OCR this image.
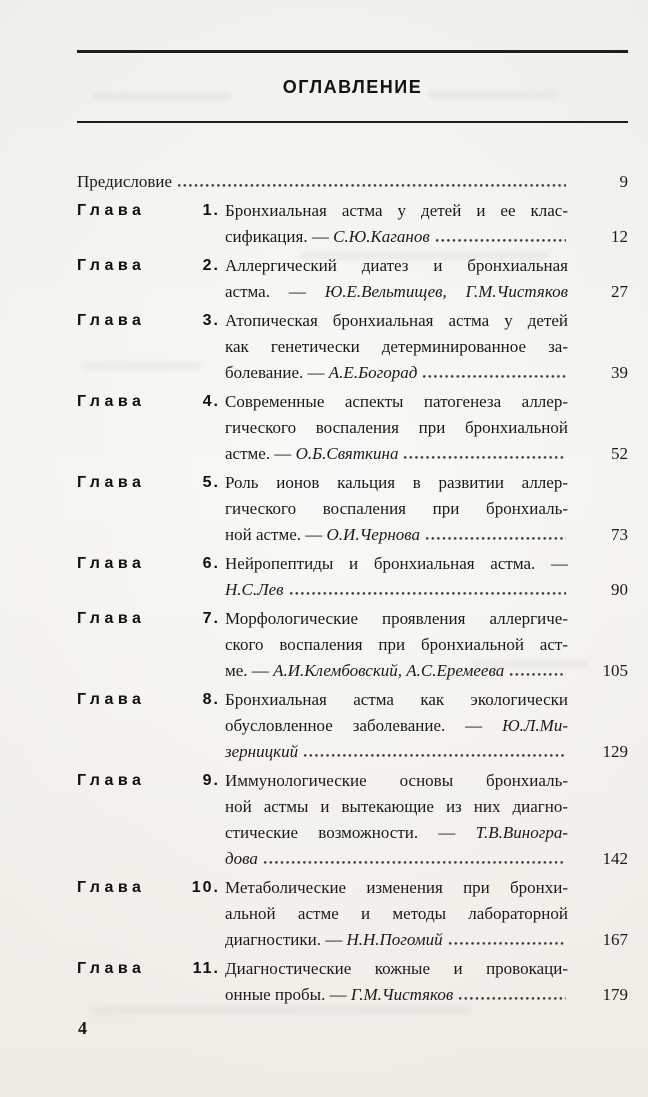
ОГЛАВЛЕНИЕ
Предисловие	9
Глава	1. Бронхиальная астма у детей и ее клас-
сификация. — С.Ю.Каганов	12
Глава	2. Аллергический диатез и бронхиальная
астма. — Ю.Е.Вельтищев, Г.М.Чистяков	27
Глава	3. Атопическая бронхиальная астма у детей
как генетически детерминированное за-
болевание. — А.Е.Богорад	39
Глава	4. Современные аспекты патогенеза аллер-
гического воспаления при бронхиальной
астме. — О.Б.Святкина	52
Глава	5. Роль ионов кальция в развитии аллер-
гического воспаления при бронхиаль-
ной астме. — О.И.Чернова	73
Глава	6. Нейропептиды и бронхиальная астма. —
Н.С.Лев	90
Глава	7. Морфологические проявления аллергиче-
ского воспаления при бронхиальной аст-
ме. — А.И.Клембовский, А.С.Еремеева	105
Глава	8. Бронхиальная астма как экологически
обусловленное заболевание. — Ю.Л.Ми-
зерницкий	129
Глава	9. Иммунологические основы бронхиаль-
ной астмы и вытекающие из них диагно-
стические возможности. — Т.В.Виногра-
дова	142
Глава	10. Метаболические изменения при бронхи-
альной астме и методы лабораторной
диагностики. — Н.Н.Погомий	167
Глава	11. Диагностические кожные и провокаци-
онные пробы. — Г.М.Чистяков	179
4
